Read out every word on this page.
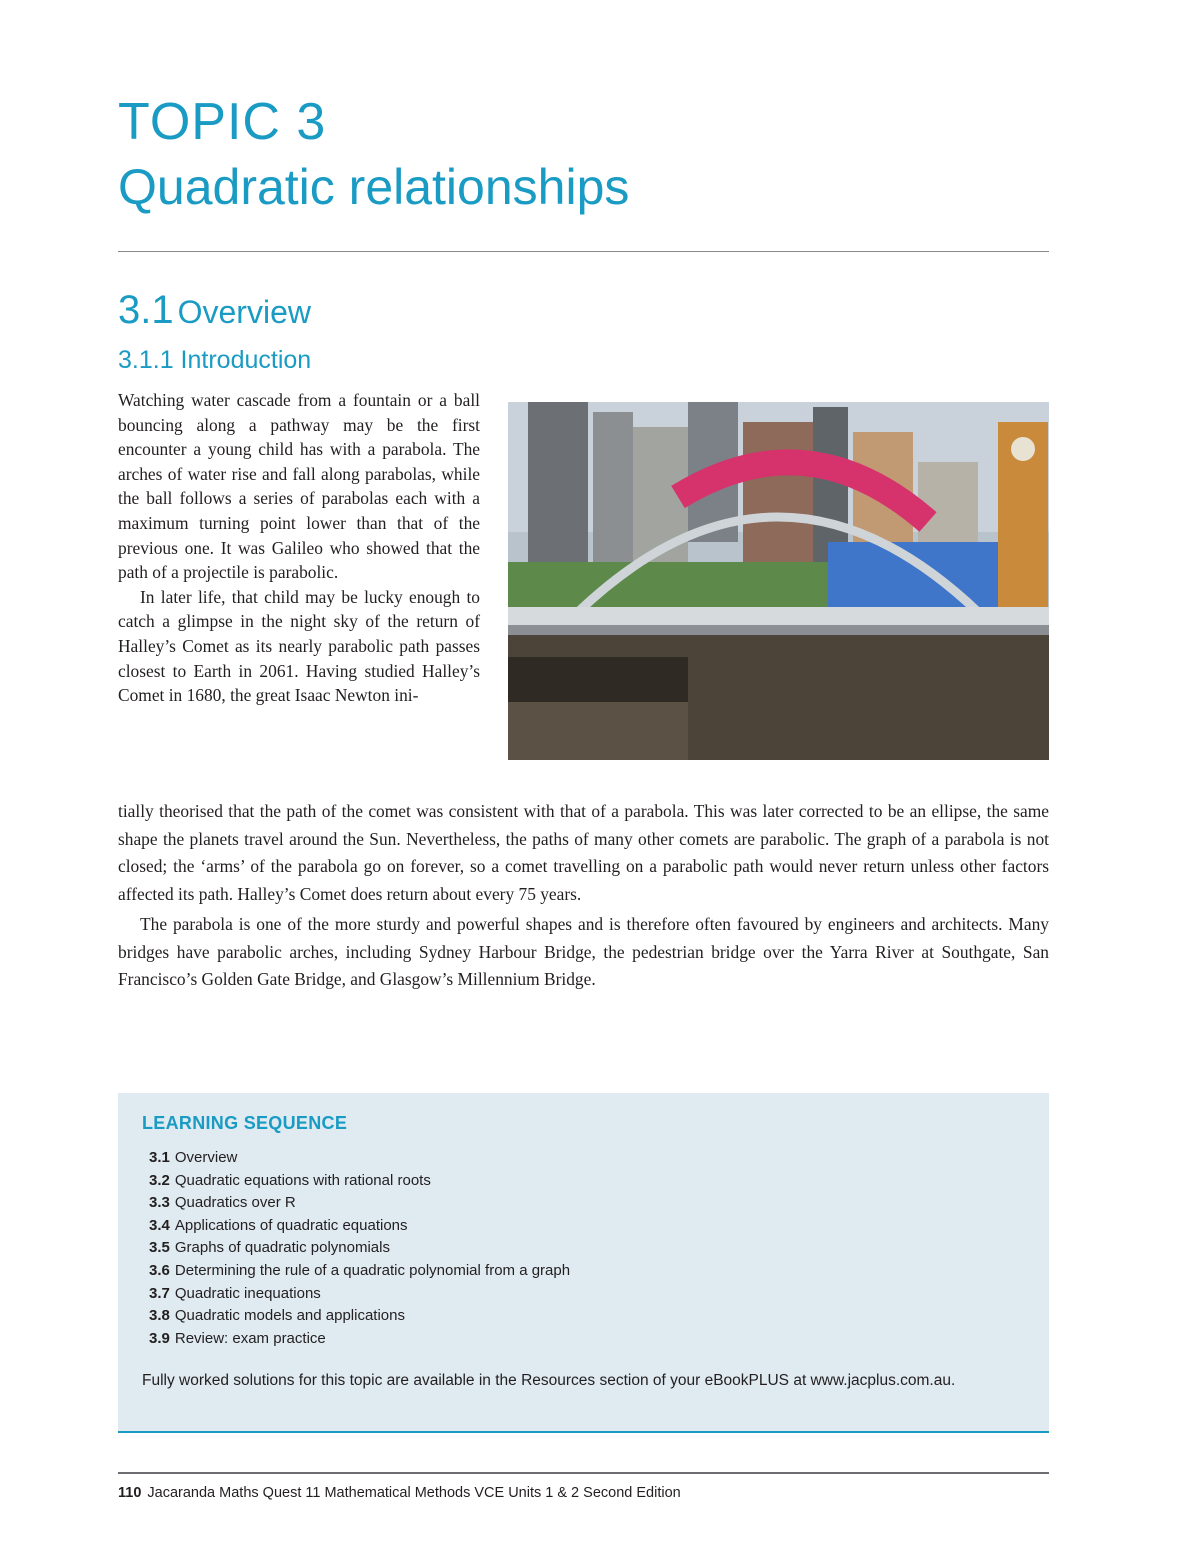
TOPIC 3
Quadratic relationships
3.1 Overview
3.1.1 Introduction

Watching water cascade from a fountain or a ball bouncing along a pathway may be the first encounter a young child has with a parabola. The arches of water rise and fall along parabolas, while the ball follows a series of parabolas each with a maximum turning point lower than that of the previous one. It was Galileo who showed that the path of a projectile is parabolic.

In later life, that child may be lucky enough to catch a glimpse in the night sky of the return of Halley’s Comet as its nearly parabolic path passes closest to Earth in 2061. Having studied Halley’s Comet in 1680, the great Isaac Newton ini-

tially theorised that the path of the comet was consistent with that of a parabola. This was later corrected to be an ellipse, the same shape the planets travel around the Sun. Nevertheless, the paths of many other comets are parabolic. The graph of a parabola is not closed; the ‘arms’ of the parabola go on forever, so a comet travelling on a parabolic path would never return unless other factors affected its path. Halley’s Comet does return about every 75 years.

The parabola is one of the more sturdy and powerful shapes and is therefore often favoured by engineers and architects. Many bridges have parabolic arches, including Sydney Harbour Bridge, the pedestrian bridge over the Yarra River at Southgate, San Francisco’s Golden Gate Bridge, and Glasgow’s Millennium Bridge.

LEARNING SEQUENCE
3.1 Overview
3.2 Quadratic equations with rational roots
3.3 Quadratics over R
3.4 Applications of quadratic equations
3.5 Graphs of quadratic polynomials
3.6 Determining the rule of a quadratic polynomial from a graph
3.7 Quadratic inequations
3.8 Quadratic models and applications
3.9 Review: exam practice
Fully worked solutions for this topic are available in the Resources section of your eBookPLUS at www.jacplus.com.au.
110 Jacaranda Maths Quest 11 Mathematical Methods VCE Units 1 & 2 Second Edition
